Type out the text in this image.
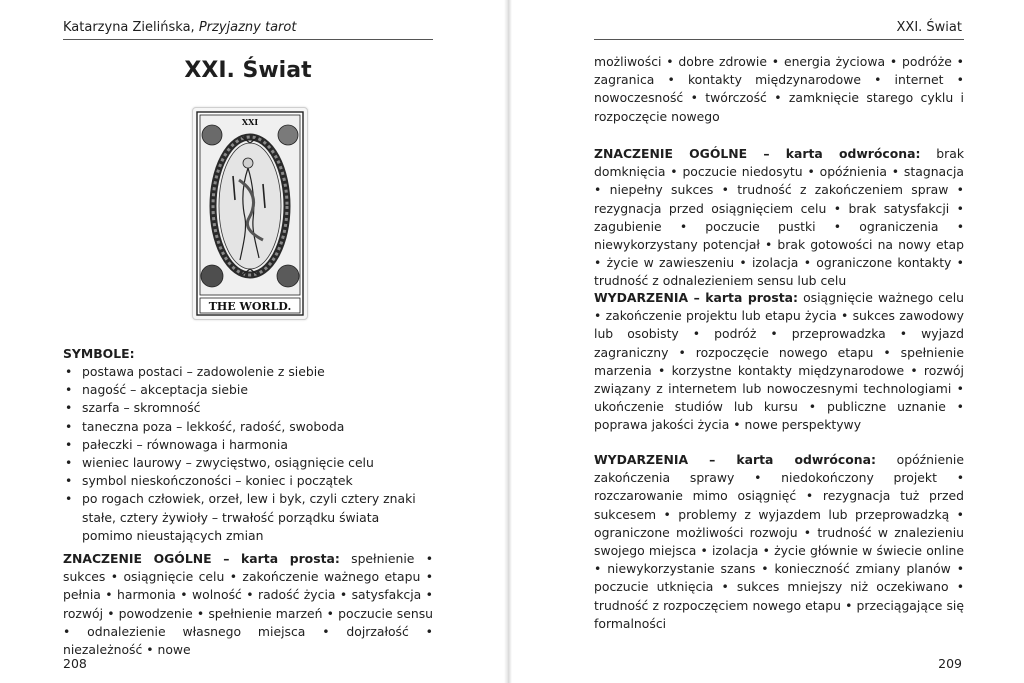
Katarzyna Zielińska, Przyjazny tarot
XXI. Świat
XXI
THE WORLD.
SYMBOLE:
• postawa postaci – zadowolenie z siebie
• nagość – akceptacja siebie
• szarfa – skromność
• taneczna poza – lekkość, radość, swoboda
• pałeczki – równowaga i harmonia
• wieniec laurowy – zwycięstwo, osiągnięcie celu
• symbol nieskończoności – koniec i początek
• po rogach człowiek, orzeł, lew i byk, czyli cztery znaki stałe, cztery żywioły – trwałość porządku świata pomimo nieustających zmian

ZNACZENIE OGÓLNE – karta prosta: spełnienie • sukces • osiągnięcie celu • zakończenie ważnego etapu • pełnia • harmonia • wolność • radość życia • satysfakcja • rozwój • powodzenie • spełnienie marzeń • poczucie sensu • odnalezienie własnego miejsca • dojrzałość • niezależność • nowe

208
XXI. Świat

możliwości • dobre zdrowie • energia życiowa • podróże • zagranica • kontakty międzynarodowe • internet • nowoczesność • twórczość • zamknięcie starego cyklu i rozpoczęcie nowego

ZNACZENIE OGÓLNE – karta odwrócona: brak domknięcia • poczucie niedosytu • opóźnienia • stagnacja • niepełny sukces • trudność z zakończeniem spraw • rezygnacja przed osiągnięciem celu • brak satysfakcji • zagubienie • poczucie pustki • ograniczenia • niewykorzystany potencjał • brak gotowości na nowy etap • życie w zawieszeniu • izolacja • ograniczone kontakty • trudność z odnalezieniem sensu lub celu

WYDARZENIA – karta prosta: osiągnięcie ważnego celu • zakończenie projektu lub etapu życia • sukces zawodowy lub osobisty • podróż • przeprowadzka • wyjazd zagraniczny • rozpoczęcie nowego etapu • spełnienie marzenia • korzystne kontakty międzynarodowe • rozwój związany z internetem lub nowoczesnymi technologiami • ukończenie studiów lub kursu • publiczne uznanie • poprawa jakości życia • nowe perspektywy

WYDARZENIA – karta odwrócona: opóźnienie zakończenia sprawy • niedokończony projekt • rozczarowanie mimo osiągnięć • rezygnacja tuż przed sukcesem • problemy z wyjazdem lub przeprowadzką • ograniczone możliwości rozwoju • trudność w znalezieniu swojego miejsca • izolacja • życie głównie w świecie online • niewykorzystanie szans • konieczność zmiany planów • poczucie utknięcia • sukces mniejszy niż oczekiwano • trudność z rozpoczęciem nowego etapu • przeciągające się formalności

209
